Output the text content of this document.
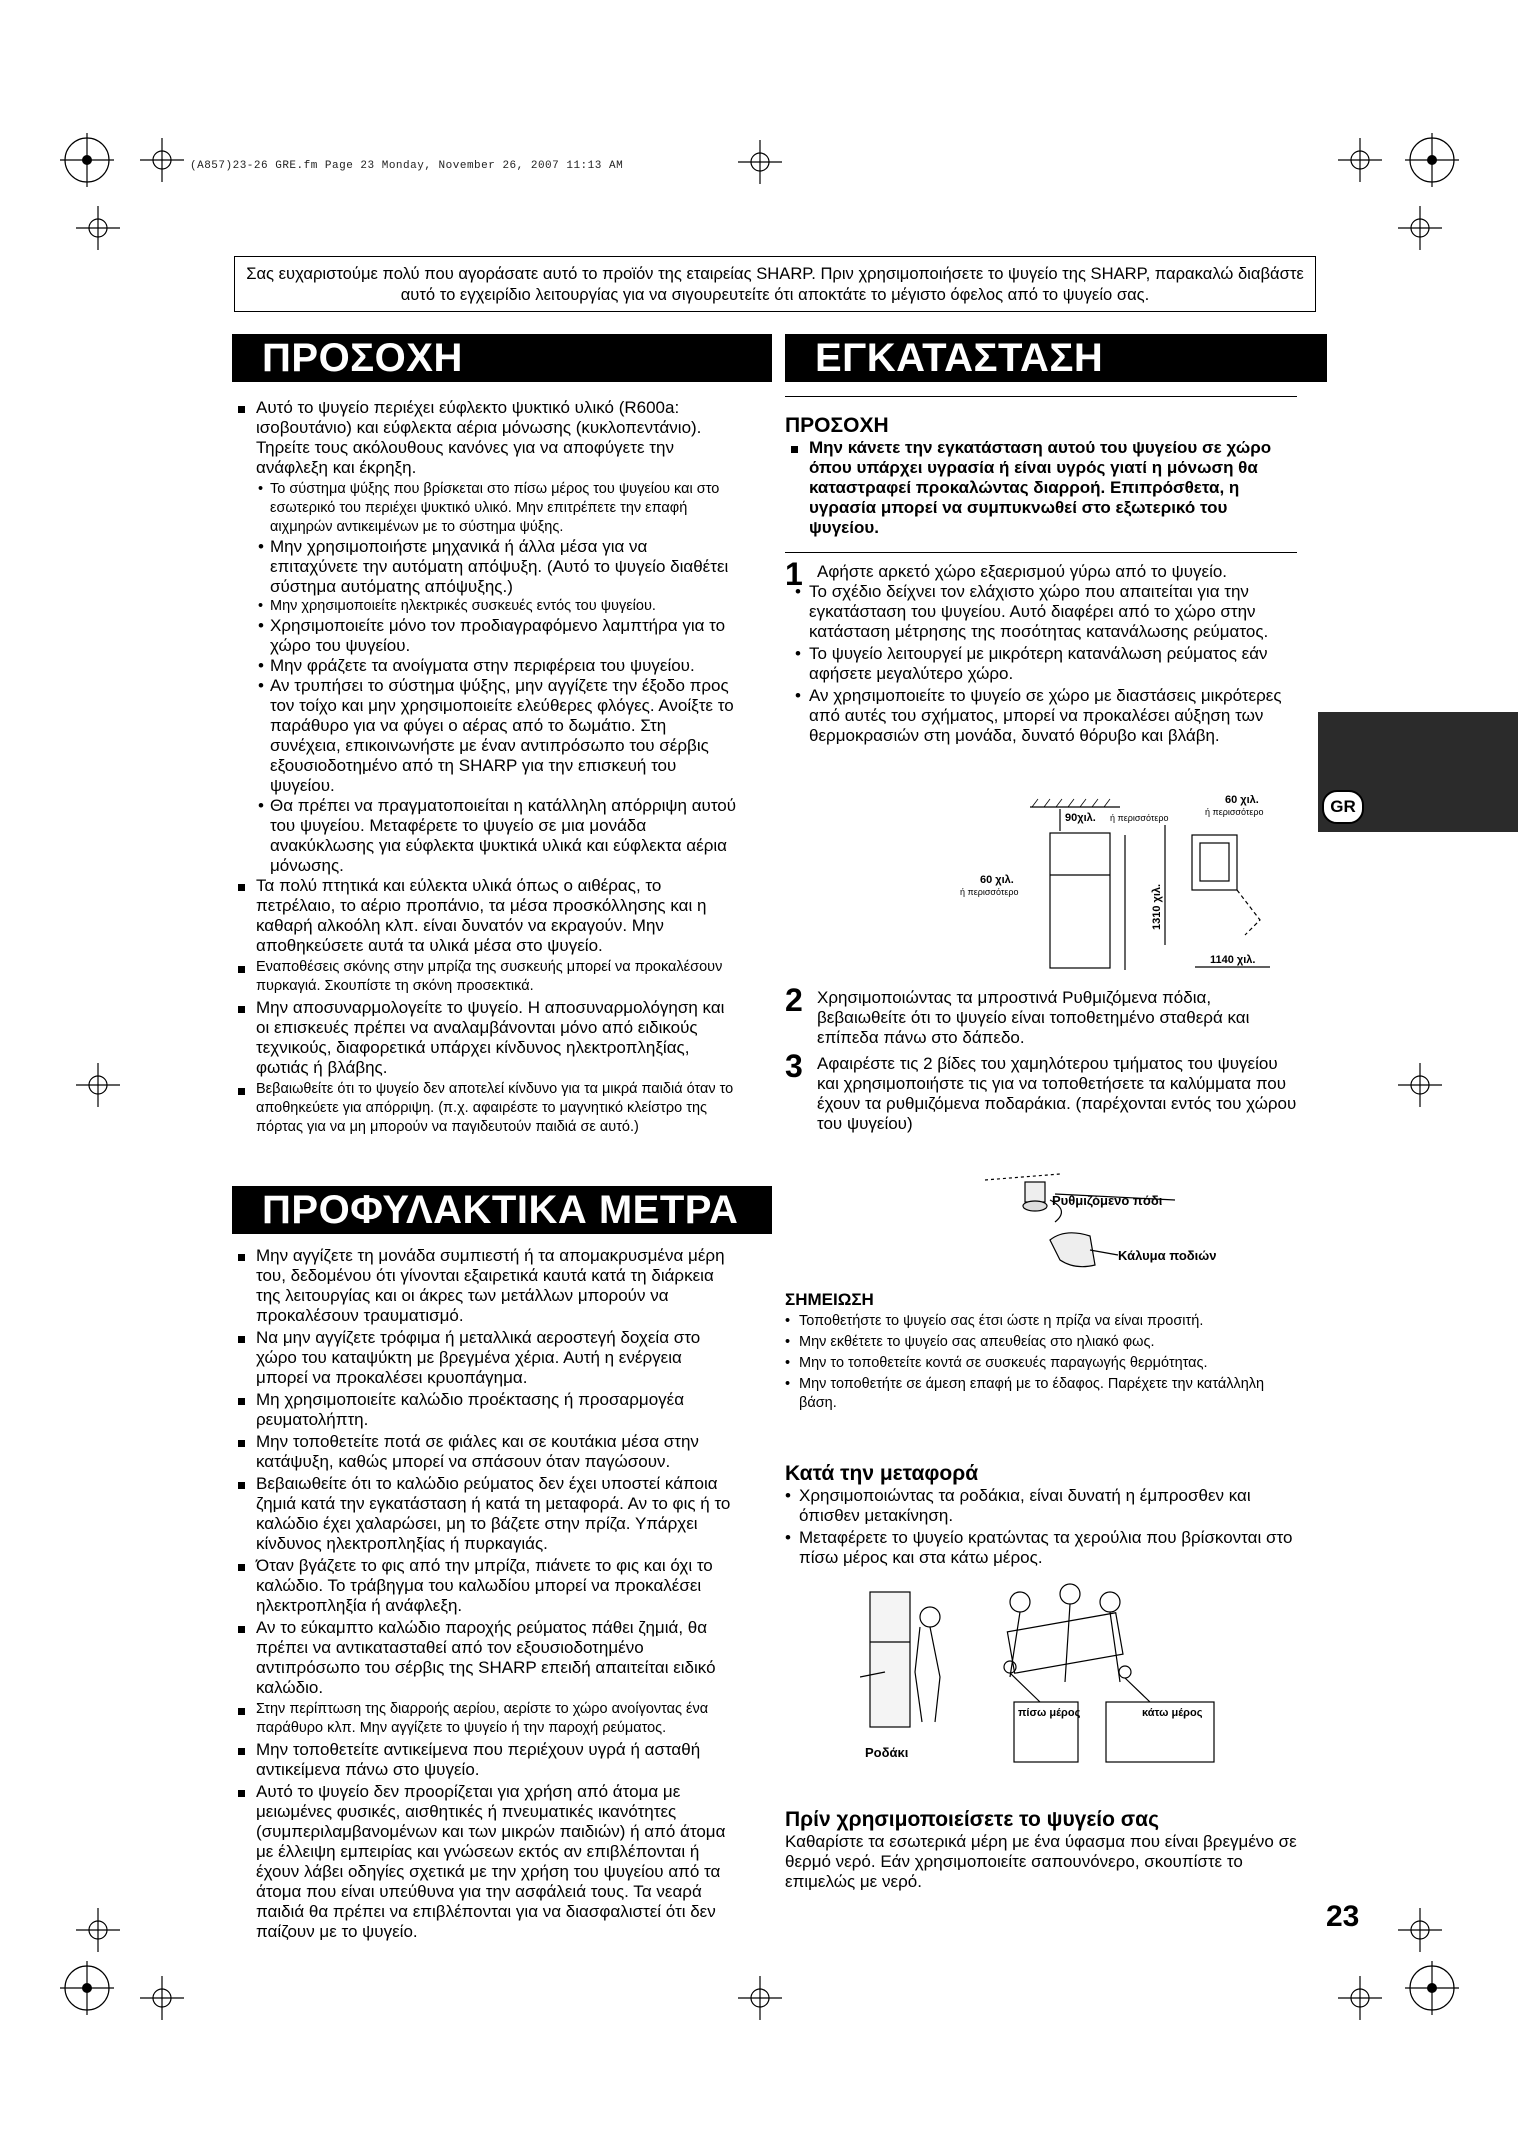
(A857)23-26 GRE.fm Page 23 Monday, November 26, 2007 11:13 AM
Σας ευχαριστούμε πολύ που αγοράσατε αυτό το προϊόν της εταιρείας SHARP. Πριν χρησιμοποιήσετε το ψυγείο της SHARP, παρακαλώ διαβάστε αυτό το εγχειρίδιο λειτουργίας για να σιγουρευτείτε ότι αποκτάτε το μέγιστο όφελος από το ψυγείο σας.
GR
ΠΡΟΣΟΧΗ

Αυτό το ψυγείο περιέχει εύφλεκτο ψυκτικό υλικό (R600a: ισοβουτάνιο) και εύφλεκτα αέρια μόνωσης (κυκλοπεντάνιο). Τηρείτε τους ακόλουθους κανόνες για να αποφύγετε την ανάφλεξη και έκρηξη.

• Το σύστημα ψύξης που βρίσκεται στο πίσω μέρος του ψυγείου και στο εσωτερικό του περιέχει ψυκτικό υλικό. Μην επιτρέπετε την επαφή αιχμηρών αντικειμένων με το σύστημα ψύξης.

• Μην χρησιμοποιήστε μηχανικά ή άλλα μέσα για να επιταχύνετε την αυτόματη απόψυξη. (Αυτό το ψυγείο διαθέτει σύστημα αυτόματης απόψυξης.)

• Μην χρησιμοποιείτε ηλεκτρικές συσκευές εντός του ψυγείου.

• Χρησιμοποιείτε μόνο τον προδιαγραφόμενο λαμπτήρα για το χώρο του ψυγείου.

• Μην φράζετε τα ανοίγματα στην περιφέρεια του ψυγείου.

• Αν τρυπήσει το σύστημα ψύξης, μην αγγίζετε την έξοδο προς τον τοίχο και μην χρησιμοποιείτε ελεύθερες φλόγες. Ανοίξτε το παράθυρο για να φύγει ο αέρας από το δωμάτιο. Στη συνέχεια, επικοινωνήστε με έναν αντιπρόσωπο του σέρβις εξουσιοδοτημένο από τη SHARP για την επισκευή του ψυγείου.

• Θα πρέπει να πραγματοποιείται η κατάλληλη απόρριψη αυτού του ψυγείου. Μεταφέρετε το ψυγείο σε μια μονάδα ανακύκλωσης για εύφλεκτα ψυκτικά υλικά και εύφλεκτα αέρια μόνωσης.

Τα πολύ πτητικά και εύλεκτα υλικά όπως ο αιθέρας, το πετρέλαιο, το αέριο προπάνιο, τα μέσα προσκόλλησης και η καθαρή αλκοόλη κλπ. είναι δυνατόν να εκραγούν. Μην αποθηκεύσετε αυτά τα υλικά μέσα στο ψυγείο.

Εναποθέσεις σκόνης στην μπρίζα της συσκευής μπορεί να προκαλέσουν πυρκαγιά. Σκουπίστε τη σκόνη προσεκτικά.

Μην αποσυναρμολογείτε το ψυγείο. Η αποσυναρμολόγηση και οι επισκευές πρέπει να αναλαμβάνονται μόνο από ειδικούς τεχνικούς, διαφορετικά υπάρχει κίνδυνος ηλεκτροπληξίας, φωτιάς ή βλάβης.

Βεβαιωθείτε ότι το ψυγείο δεν αποτελεί κίνδυνο για τα μικρά παιδιά όταν το αποθηκεύετε για απόρριψη. (π.χ. αφαιρέστε το μαγνητικό κλείστρο της πόρτας για να μη μπορούν να παγιδευτούν παιδιά σε αυτό.)

ΠΡΟΦΥΛΑΚΤΙΚΑ ΜΕΤΡΑ

Μην αγγίζετε τη μονάδα συμπιεστή ή τα απομακρυσμένα μέρη του, δεδομένου ότι γίνονται εξαιρετικά καυτά κατά τη διάρκεια της λειτουργίας και οι άκρες των μετάλλων μπορούν να προκαλέσουν τραυματισμό.

Να μην αγγίζετε τρόφιμα ή μεταλλικά αεροστεγή δοχεία στο χώρο του καταψύκτη με βρεγμένα χέρια. Αυτή η ενέργεια μπορεί να προκαλέσει κρυοπάγημα.

Μη χρησιμοποιείτε καλώδιο προέκτασης ή προσαρμογέα ρευματολήπτη.

Μην τοποθετείτε ποτά σε φιάλες και σε κουτάκια μέσα στην κατάψυξη, καθώς μπορεί να σπάσουν όταν παγώσουν.

Βεβαιωθείτε ότι το καλώδιο ρεύματος δεν έχει υποστεί κάποια ζημιά κατά την εγκατάσταση ή κατά τη μεταφορά. Αν το φις ή το καλώδιο έχει χαλαρώσει, μη το βάζετε στην πρίζα. Υπάρχει κίνδυνος ηλεκτροπληξίας ή πυρκαγιάς.

Όταν βγάζετε το φις από την μπρίζα, πιάνετε το φις και όχι το καλώδιο. Το τράβηγμα του καλωδίου μπορεί να προκαλέσει ηλεκτροπληξία ή ανάφλεξη.

Αν το εύκαμπτο καλώδιο παροχής ρεύματος πάθει ζημιά, θα πρέπει να αντικατασταθεί από τον εξουσιοδοτημένο αντιπρόσωπο του σέρβις της SHARP επειδή απαιτείται ειδικό καλώδιο.

Στην περίπτωση της διαρροής αερίου, αερίστε το χώρο ανοίγοντας ένα παράθυρο κλπ. Μην αγγίζετε το ψυγείο ή την παροχή ρεύματος.

Μην τοποθετείτε αντικείμενα που περιέχουν υγρά ή ασταθή αντικείμενα πάνω στο ψυγείο.

Αυτό το ψυγείο δεν προορίζεται για χρήση από άτομα με μειωμένες φυσικές, αισθητικές ή πνευματικές ικανότητες (συμπεριλαμβανομένων και των μικρών παιδιών) ή από άτομα με έλλειψη εμπειρίας και γνώσεων εκτός αν επιβλέπονται ή έχουν λάβει οδηγίες σχετικά με την χρήση του ψυγείου από τα άτομα που είναι υπεύθυνα για την ασφάλειά τους. Τα νεαρά παιδιά θα πρέπει να επιβλέπονται για να διασφαλιστεί ότι δεν παίζουν με το ψυγείο.

ΕΓΚΑΤΑΣΤΑΣΗ
ΠΡΟΣΟΧΗ

Μην κάνετε την εγκατάσταση αυτού του ψυγείου σε χώρο όπου υπάρχει υγρασία ή είναι υγρός γιατί η μόνωση θα καταστραφεί προκαλώντας διαρροή. Επιπρόσθετα, η υγρασία μπορεί να συμπυκνωθεί στο εξωτερικό του ψυγείου.

1 Αφήστε αρκετό χώρο εξαερισμού γύρω από το ψυγείο.

• Το σχέδιο δείχνει τον ελάχιστο χώρο που απαιτείται για την εγκατάσταση του ψυγείου. Αυτό διαφέρει από το χώρο στην κατάσταση μέτρησης της ποσότητας κατανάλωσης ρεύματος.

• Το ψυγείο λειτουργεί με μικρότερη κατανάλωση ρεύματος εάν αφήσετε μεγαλύτερο χώρο.

• Αν χρησιμοποιείτε το ψυγείο σε χώρο με διαστάσεις μικρότερες από αυτές του σχήματος, μπορεί να προκαλέσει αύξηση των θερμοκρασιών στη μονάδα, δυνατό θόρυβο και βλάβη.

90χιλ. ή περισσότερο
60 χιλ.
ή περισσότερο
60 χιλ.
ή περισσότερο
1310 χιλ.
1140 χιλ.

2 Χρησιμοποιώντας τα μπροστινά Ρυθμιζόμενα πόδια, βεβαιωθείτε ότι το ψυγείο είναι τοποθετημένο σταθερά και επίπεδα πάνω στο δάπεδο.

3 Αφαιρέστε τις 2 βίδες του χαμηλότερου τμήματος του ψυγείου και χρησιμοποιήστε τις για να τοποθετήσετε τα καλύμματα που έχουν τα ρυθμιζόμενα ποδαράκια. (παρέχονται εντός του χώρου του ψυγείου)

Ρυθμιζόμενο πόδι
Κάλυμα ποδιών
ΣΗΜΕΙΩΣΗ

• Τοποθετήστε το ψυγείο σας έτσι ώστε η πρίζα να είναι προσιτή.

• Μην εκθέτετε το ψυγείο σας απευθείας στο ηλιακό φως.

• Μην το τοποθετείτε κοντά σε συσκευές παραγωγής θερμότητας.

• Μην τοποθετήτε σε άμεση επαφή με το έδαφος. Παρέχετε την κατάλληλη βάση.

Κατά την μεταφορά

• Χρησιμοποιώντας τα ροδάκια, είναι δυνατή η έμπροσθεν και όπισθεν μετακίνηση.

• Μεταφέρετε το ψυγείο κρατώντας τα χερούλια που βρίσκονται στο πίσω μέρος και στα κάτω μέρος.

Ροδάκι
πίσω μέρος	κάτω μέρος
Πρίν χρησιμοποιείσετε το ψυγείο σας

Καθαρίστε τα εσωτερικά μέρη με ένα ύφασμα που είναι βρεγμένο σε θερμό νερό. Εάν χρησιμοποιείτε σαπουνόνερο, σκουπίστε το επιμελώς με νερό.

23
